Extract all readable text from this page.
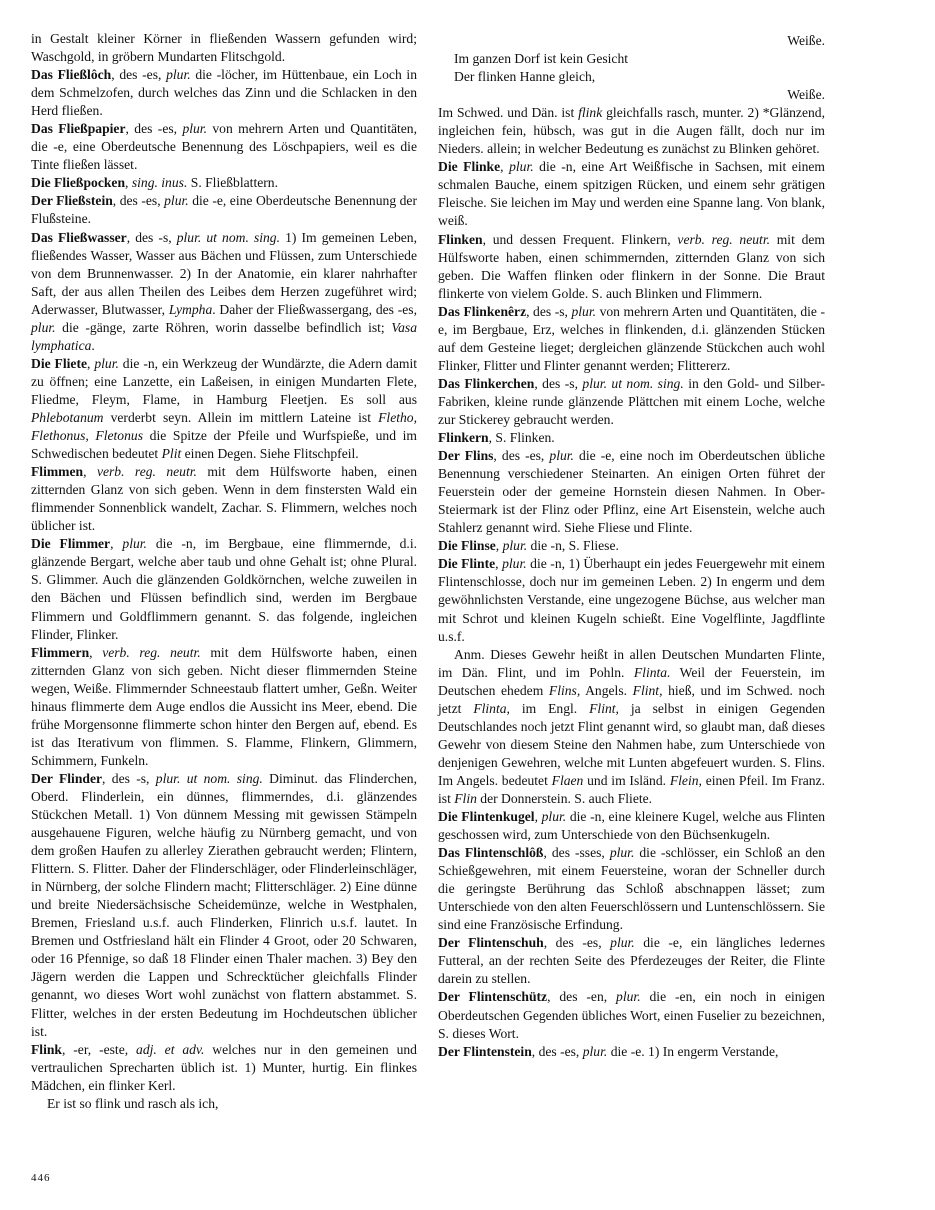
in Gestalt kleiner Körner in fließenden Wassern gefunden wird; Waschgold, in gröbern Mundarten Flitschgold.

Das Fließlôch, des -es, plur. die -löcher, im Hüttenbaue, ein Loch in dem Schmelzofen, durch welches das Zinn und die Schlacken in den Herd fließen.

Das Fließpapier, des -es, plur. von mehrern Arten und Quantitäten, die -e, eine Oberdeutsche Benennung des Löschpapiers, weil es die Tinte fließen lässet.

Die Fließpocken, sing. inus. S. Fließblattern.

Der Fließstein, des -es, plur. die -e, eine Oberdeutsche Benennung der Flußsteine.

Das Fließwasser, des -s, plur. ut nom. sing. 1) Im gemeinen Leben, fließendes Wasser, Wasser aus Bächen und Flüssen, zum Unterschiede von dem Brunnenwasser. 2) In der Anatomie, ein klarer nahrhafter Saft, der aus allen Theilen des Leibes dem Herzen zugeführet wird; Aderwasser, Blutwasser, Lympha. Daher der Fließwassergang, des -es, plur. die -gänge, zarte Röhren, worin dasselbe befindlich ist; Vasa lymphatica.

Die Fliete, plur. die -n, ein Werkzeug der Wundärzte, die Adern damit zu öffnen; eine Lanzette, ein Laßeisen, in einigen Mundarten Flete, Fliedme, Fleym, Flame, in Hamburg Fleetjen. Es soll aus Phlebotanum verderbt seyn. Allein im mittlern Lateine ist Fletho, Flethonus, Fletonus die Spitze der Pfeile und Wurfspieße, und im Schwedischen bedeutet Plit einen Degen. Siehe Flitschpfeil.

Flimmen, verb. reg. neutr. mit dem Hülfsworte haben, einen zitternden Glanz von sich geben. Wenn in dem finstersten Wald ein flimmender Sonnenblick wandelt, Zachar. S. Flimmern, welches noch üblicher ist.

Die Flimmer, plur. die -n, im Bergbaue, eine flimmernde, d.i. glänzende Bergart, welche aber taub und ohne Gehalt ist; ohne Plural. S. Glimmer. Auch die glänzenden Goldkörnchen, welche zuweilen in den Bächen und Flüssen befindlich sind, werden im Bergbaue Flimmern und Goldflimmern genannt. S. das folgende, ingleichen Flinder, Flinker.

Flimmern, verb. reg. neutr. mit dem Hülfsworte haben, einen zitternden Glanz von sich geben. Nicht dieser flimmernden Steine wegen, Weiße. Flimmernder Schneestaub flattert umher, Geßn. Weiter hinaus flimmerte dem Auge endlos die Aussicht ins Meer, ebend. Die frühe Morgensonne flimmerte schon hinter den Bergen auf, ebend. Es ist das Iterativum von flimmen. S. Flamme, Flinkern, Glimmern, Schimmern, Funkeln.

Der Flinder, des -s, plur. ut nom. sing. Diminut. das Flinderchen, Oberd. Flinderlein, ein dünnes, flimmerndes, d.i. glänzendes Stückchen Metall. 1) Von dünnem Messing mit gewissen Stämpeln ausgehauene Figuren, welche häufig zu Nürnberg gemacht, und von dem großen Haufen zu allerley Zierathen gebraucht werden; Flintern, Flittern. S. Flitter. Daher der Flinderschläger, oder Flinderleinschläger, in Nürnberg, der solche Flindern macht; Flitterschläger. 2) Eine dünne und breite Niedersächsische Scheidemünze, welche in Westphalen, Bremen, Friesland u.s.f. auch Flinderken, Flinrich u.s.f. lautet. In Bremen und Ostfriesland hält ein Flinder 4 Groot, oder 20 Schwaren, oder 16 Pfennige, so daß 18 Flinder einen Thaler machen. 3) Bey den Jägern werden die Lappen und Schrecktücher gleichfalls Flinder genannt, wo dieses Wort wohl zunächst von flattern abstammet. S. Flitter, welches in der ersten Bedeutung im Hochdeutschen üblicher ist.

Flink, -er, -este, adj. et adv. welches nur in den gemeinen und vertraulichen Sprecharten üblich ist. 1) Munter, hurtig. Ein flinkes Mädchen, ein flinker Kerl.

Er ist so flink und rasch als ich,

Weiße.

Im ganzen Dorf ist kein Gesicht

Der flinken Hanne gleich,

Weiße.

Im Schwed. und Dän. ist flink gleichfalls rasch, munter. 2) *Glänzend, ingleichen fein, hübsch, was gut in die Augen fällt, doch nur im Nieders. allein; in welcher Bedeutung es zunächst zu Blinken gehöret.

Die Flinke, plur. die -n, eine Art Weißfische in Sachsen, mit einem schmalen Bauche, einem spitzigen Rücken, und einem sehr grätigen Fleische. Sie leichen im May und werden eine Spanne lang. Von blank, weiß.

Flinken, und dessen Frequent. Flinkern, verb. reg. neutr. mit dem Hülfsworte haben, einen schimmernden, zitternden Glanz von sich geben. Die Waffen flinken oder flinkern in der Sonne. Die Braut flinkerte von vielem Golde. S. auch Blinken und Flimmern.

Das Flinkenêrz, des -s, plur. von mehrern Arten und Quantitäten, die -e, im Bergbaue, Erz, welches in flinkenden, d.i. glänzenden Stücken auf dem Gesteine lieget; dergleichen glänzende Stückchen auch wohl Flinker, Flitter und Flinter genannt werden; Flittererz.

Das Flinkerchen, des -s, plur. ut nom. sing. in den Gold- und Silber-Fabriken, kleine runde glänzende Plättchen mit einem Loche, welche zur Stickerey gebraucht werden.

Flinkern, S. Flinken.

Der Flins, des -es, plur. die -e, eine noch im Oberdeutschen übliche Benennung verschiedener Steinarten. An einigen Orten führet der Feuerstein oder der gemeine Hornstein diesen Nahmen. In Ober-Steiermark ist der Flinz oder Pflinz, eine Art Eisenstein, welche auch Stahlerz genannt wird. Siehe Fliese und Flinte.

Die Flinse, plur. die -n, S. Fliese.

Die Flinte, plur. die -n, 1) Überhaupt ein jedes Feuergewehr mit einem Flintenschlosse, doch nur im gemeinen Leben. 2) In engerm und dem gewöhnlichsten Verstande, eine ungezogene Büchse, aus welcher man mit Schrot und kleinen Kugeln schießt. Eine Vogelflinte, Jagdflinte u.s.f.

Anm. Dieses Gewehr heißt in allen Deutschen Mundarten Flinte, im Dän. Flint, und im Pohln. Flinta. Weil der Feuerstein, im Deutschen ehedem Flins, Angels. Flint, hieß, und im Schwed. noch jetzt Flinta, im Engl. Flint, ja selbst in einigen Gegenden Deutschlandes noch jetzt Flint genannt wird, so glaubt man, daß dieses Gewehr von diesem Steine den Nahmen habe, zum Unterschiede von denjenigen Gewehren, welche mit Lunten abgefeuert wurden. S. Flins. Im Angels. bedeutet Flaen und im Isländ. Flein, einen Pfeil. Im Franz. ist Flin der Donnerstein. S. auch Fliete.

Die Flintenkugel, plur. die -n, eine kleinere Kugel, welche aus Flinten geschossen wird, zum Unterschiede von den Büchsenkugeln.

Das Flintenschlôß, des -sses, plur. die -schlösser, ein Schloß an den Schießgewehren, mit einem Feuersteine, woran der Schneller durch die geringste Berührung das Schloß abschnappen lässet; zum Unterschiede von den alten Feuerschlössern und Luntenschlössern. Sie sind eine Französische Erfindung.

Der Flintenschuh, des -es, plur. die -e, ein längliches ledernes Futteral, an der rechten Seite des Pferdezeuges der Reiter, die Flinte darein zu stellen.

Der Flintenschütz, des -en, plur. die -en, ein noch in einigen Oberdeutschen Gegenden übliches Wort, einen Fuselier zu bezeichnen, S. dieses Wort.

Der Flintenstein, des -es, plur. die -e. 1) In engerm Verstande,

446
